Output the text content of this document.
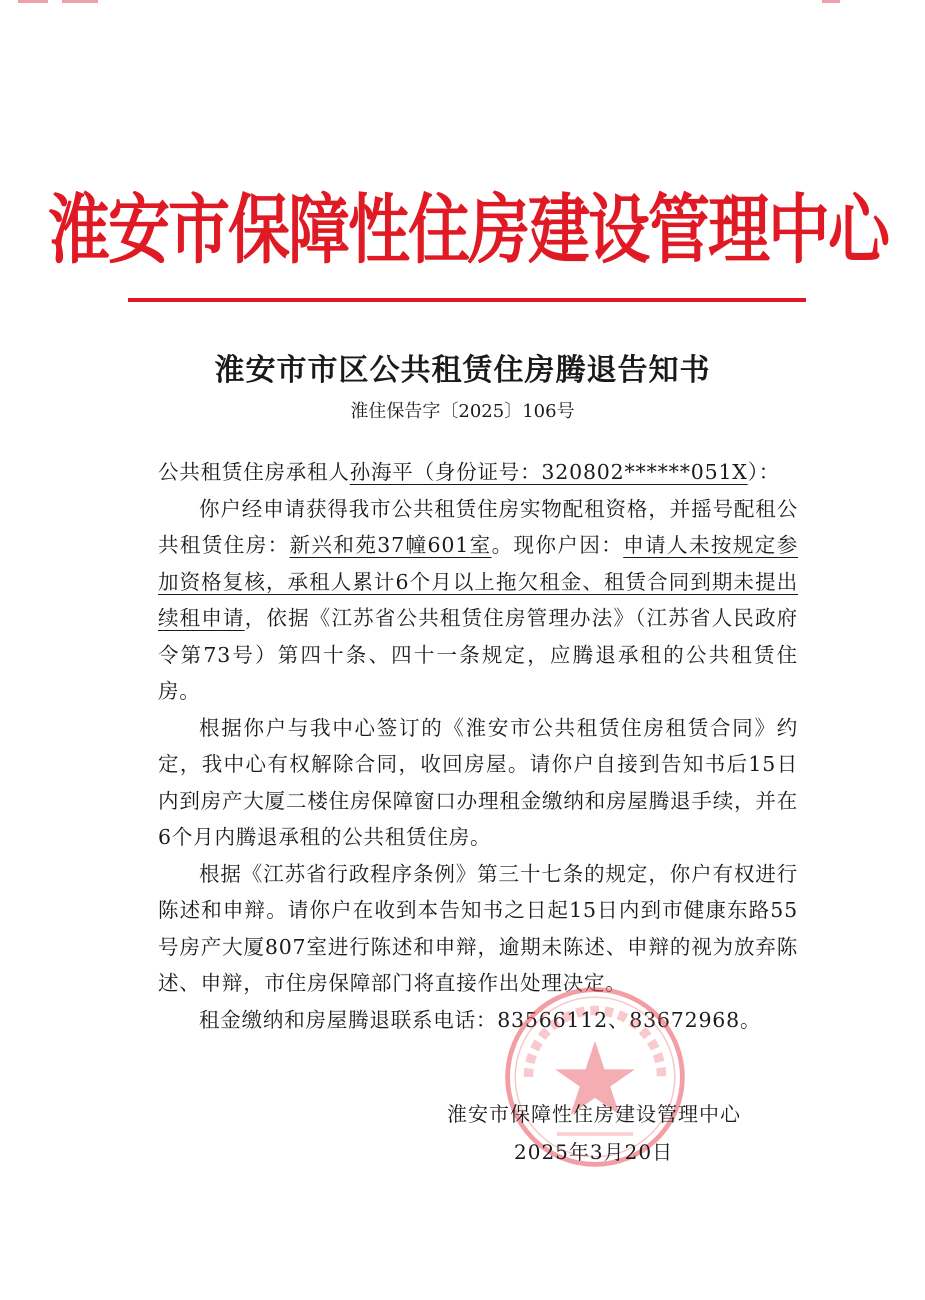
淮安市保障性住房建设管理中心
淮安市市区公共租赁住房腾退告知书
淮住保告字〔2025〕106号

公共租赁住房承租人孙海平（身份证号：320802******051X）：

你户经申请获得我市公共租赁住房实物配租资格，并摇号配租公共租赁住房：新兴和苑37幢601室。现你户因：申请人未按规定参加资格复核，承租人累计6个月以上拖欠租金、租赁合同到期未提出续租申请，依据《江苏省公共租赁住房管理办法》（江苏省人民政府令第73号）第四十条、四十一条规定，应腾退承租的公共租赁住房。

根据你户与我中心签订的《淮安市公共租赁住房租赁合同》约定，我中心有权解除合同，收回房屋。请你户自接到告知书后15日内到房产大厦二楼住房保障窗口办理租金缴纳和房屋腾退手续，并在6个月内腾退承租的公共租赁住房。

根据《江苏省行政程序条例》第三十七条的规定，你户有权进行陈述和申辩。请你户在收到本告知书之日起15日内到市健康东路55号房产大厦807室进行陈述和申辩，逾期未陈述、申辩的视为放弃陈述、申辩，市住房保障部门将直接作出处理决定。

租金缴纳和房屋腾退联系电话：83566112、83672968。

淮安市保障性住房建设管理中心
2025年3月20日
